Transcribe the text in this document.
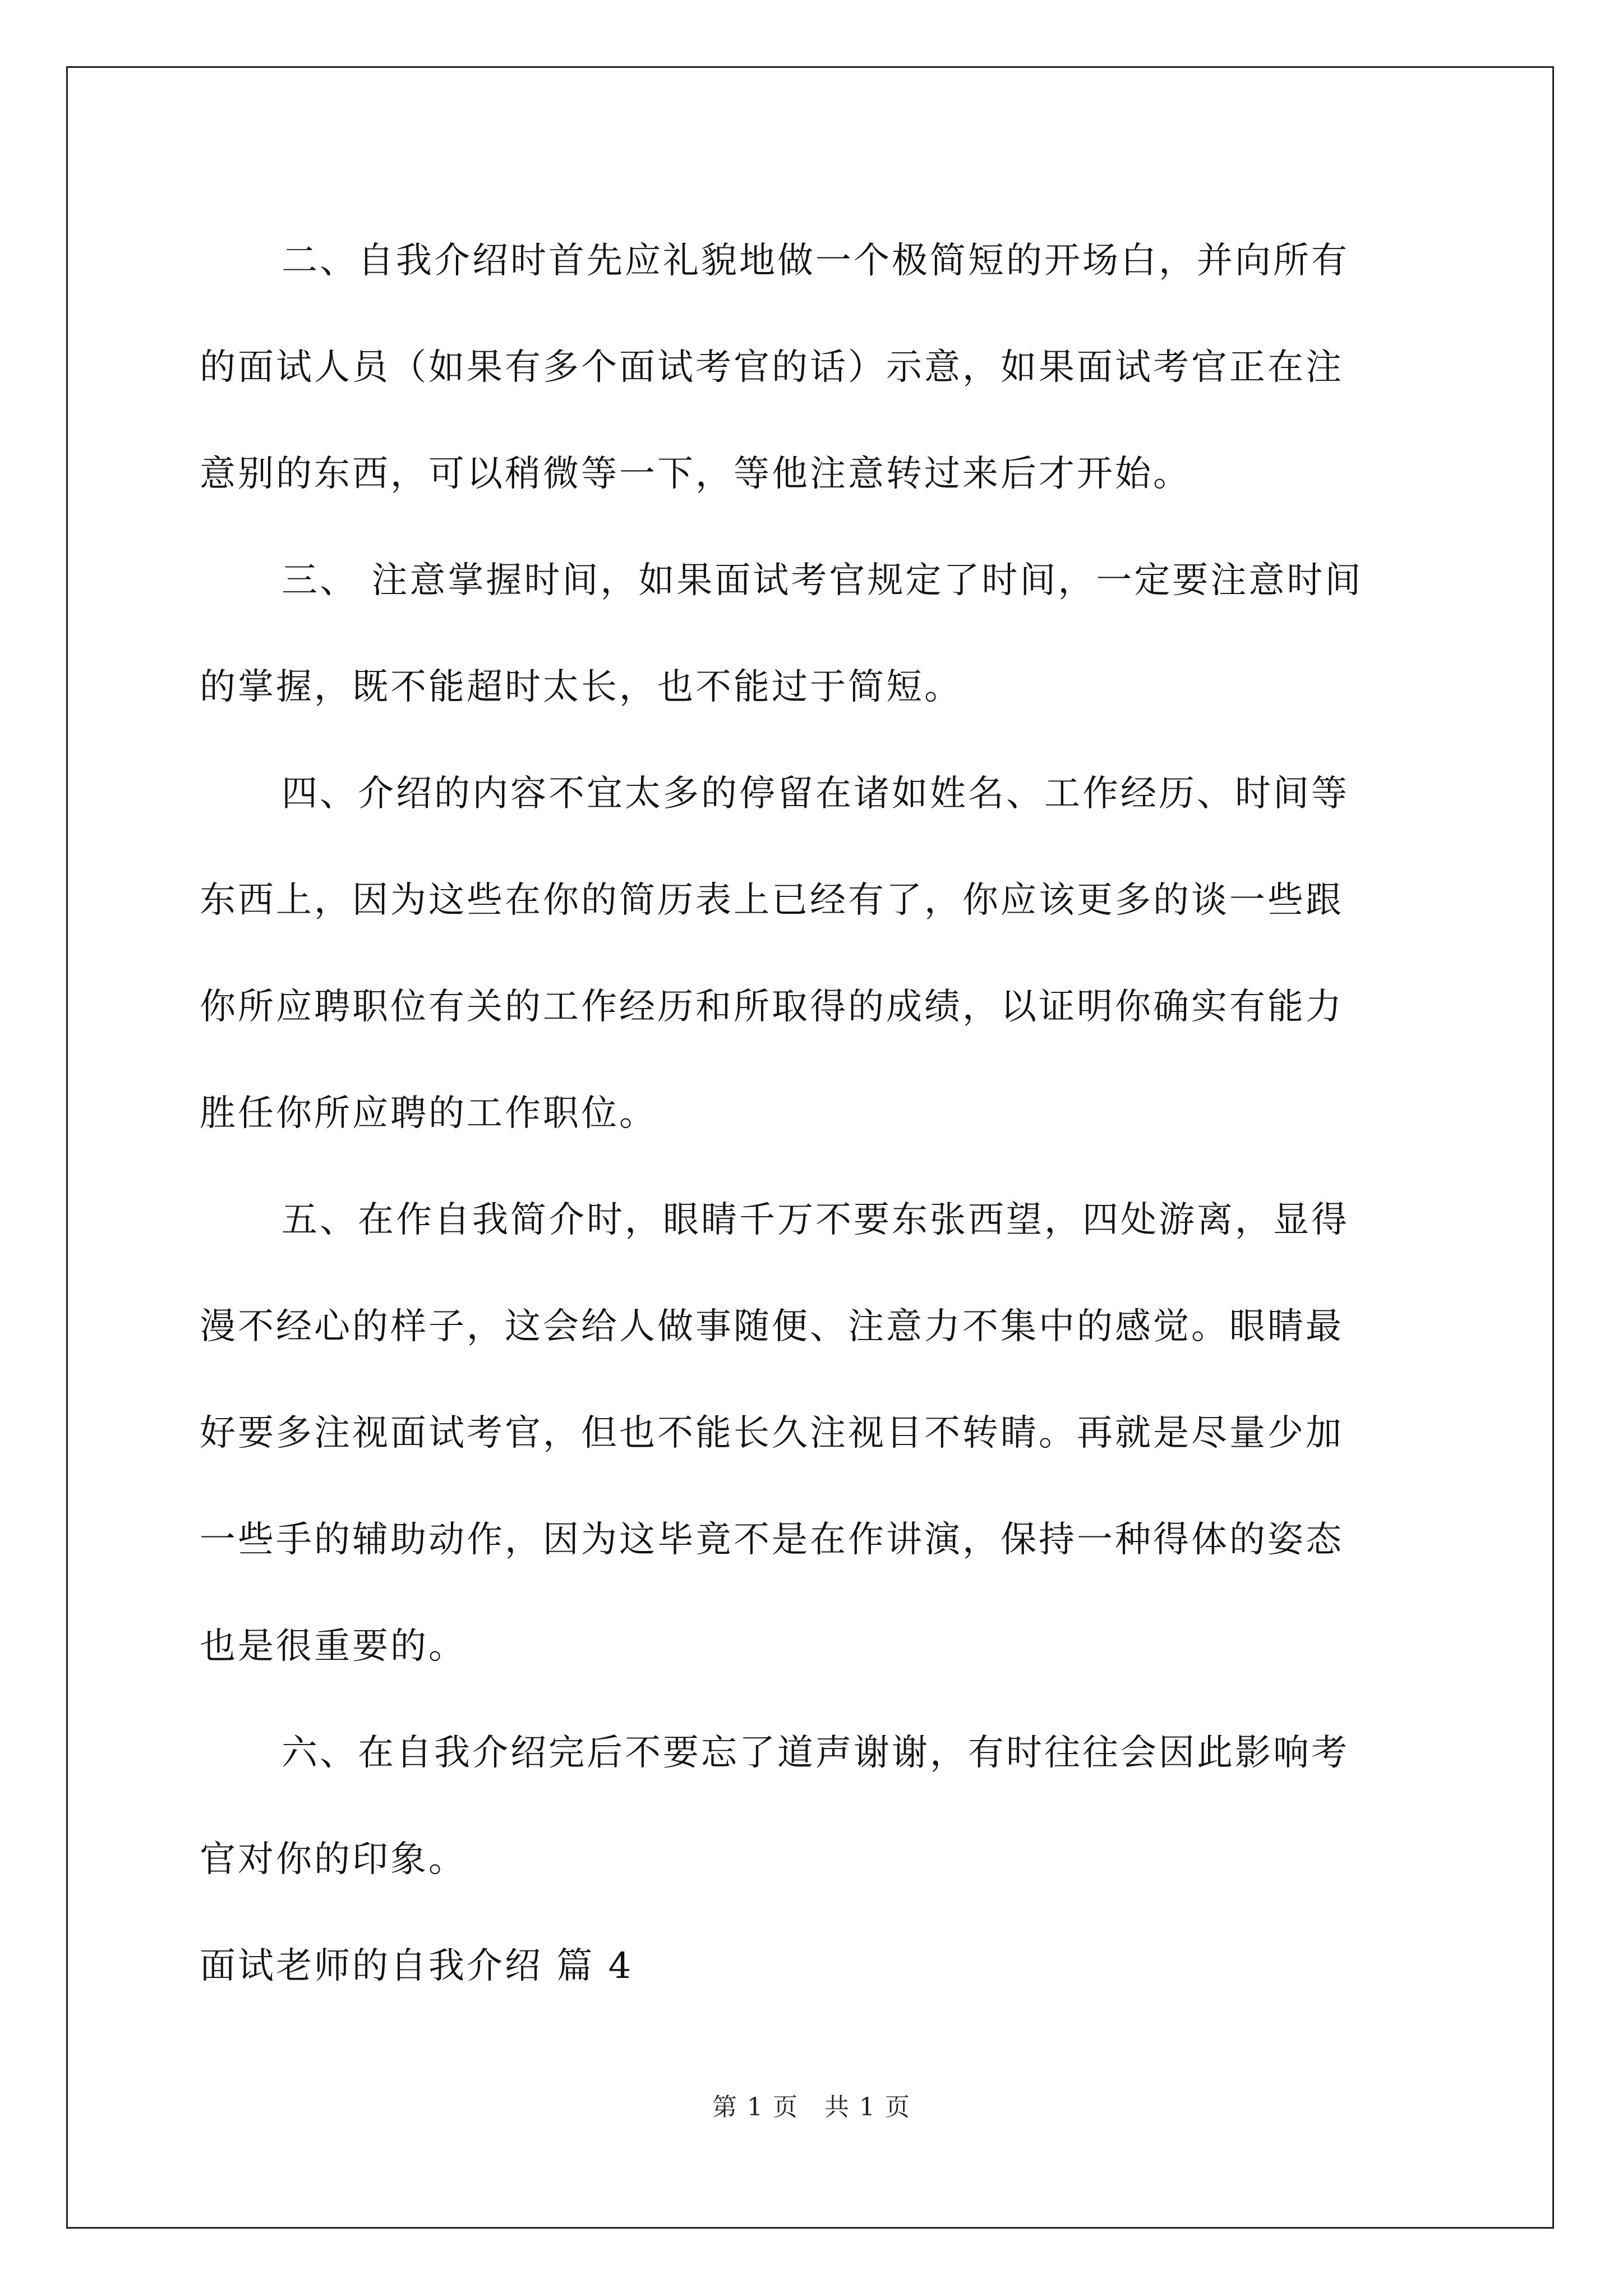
二、自我介绍时首先应礼貌地做一个极简短的开场白，并向所有
的面试人员（如果有多个面试考官的话）示意，如果面试考官正在注
意别的东西，可以稍微等一下，等他注意转过来后才开始。
三、 注意掌握时间，如果面试考官规定了时间，一定要注意时间
的掌握，既不能超时太长，也不能过于简短。
四、介绍的内容不宜太多的停留在诸如姓名、工作经历、时间等
东西上，因为这些在你的简历表上已经有了，你应该更多的谈一些跟
你所应聘职位有关的工作经历和所取得的成绩，以证明你确实有能力
胜任你所应聘的工作职位。
五、在作自我简介时，眼睛千万不要东张西望，四处游离，显得
漫不经心的样子，这会给人做事随便、注意力不集中的感觉。眼睛最
好要多注视面试考官，但也不能长久注视目不转睛。再就是尽量少加
一些手的辅助动作，因为这毕竟不是在作讲演，保持一种得体的姿态
也是很重要的。
六、在自我介绍完后不要忘了道声谢谢，有时往往会因此影响考
官对你的印象。
面试老师的自我介绍 篇 4
第 1 页　共 1 页
